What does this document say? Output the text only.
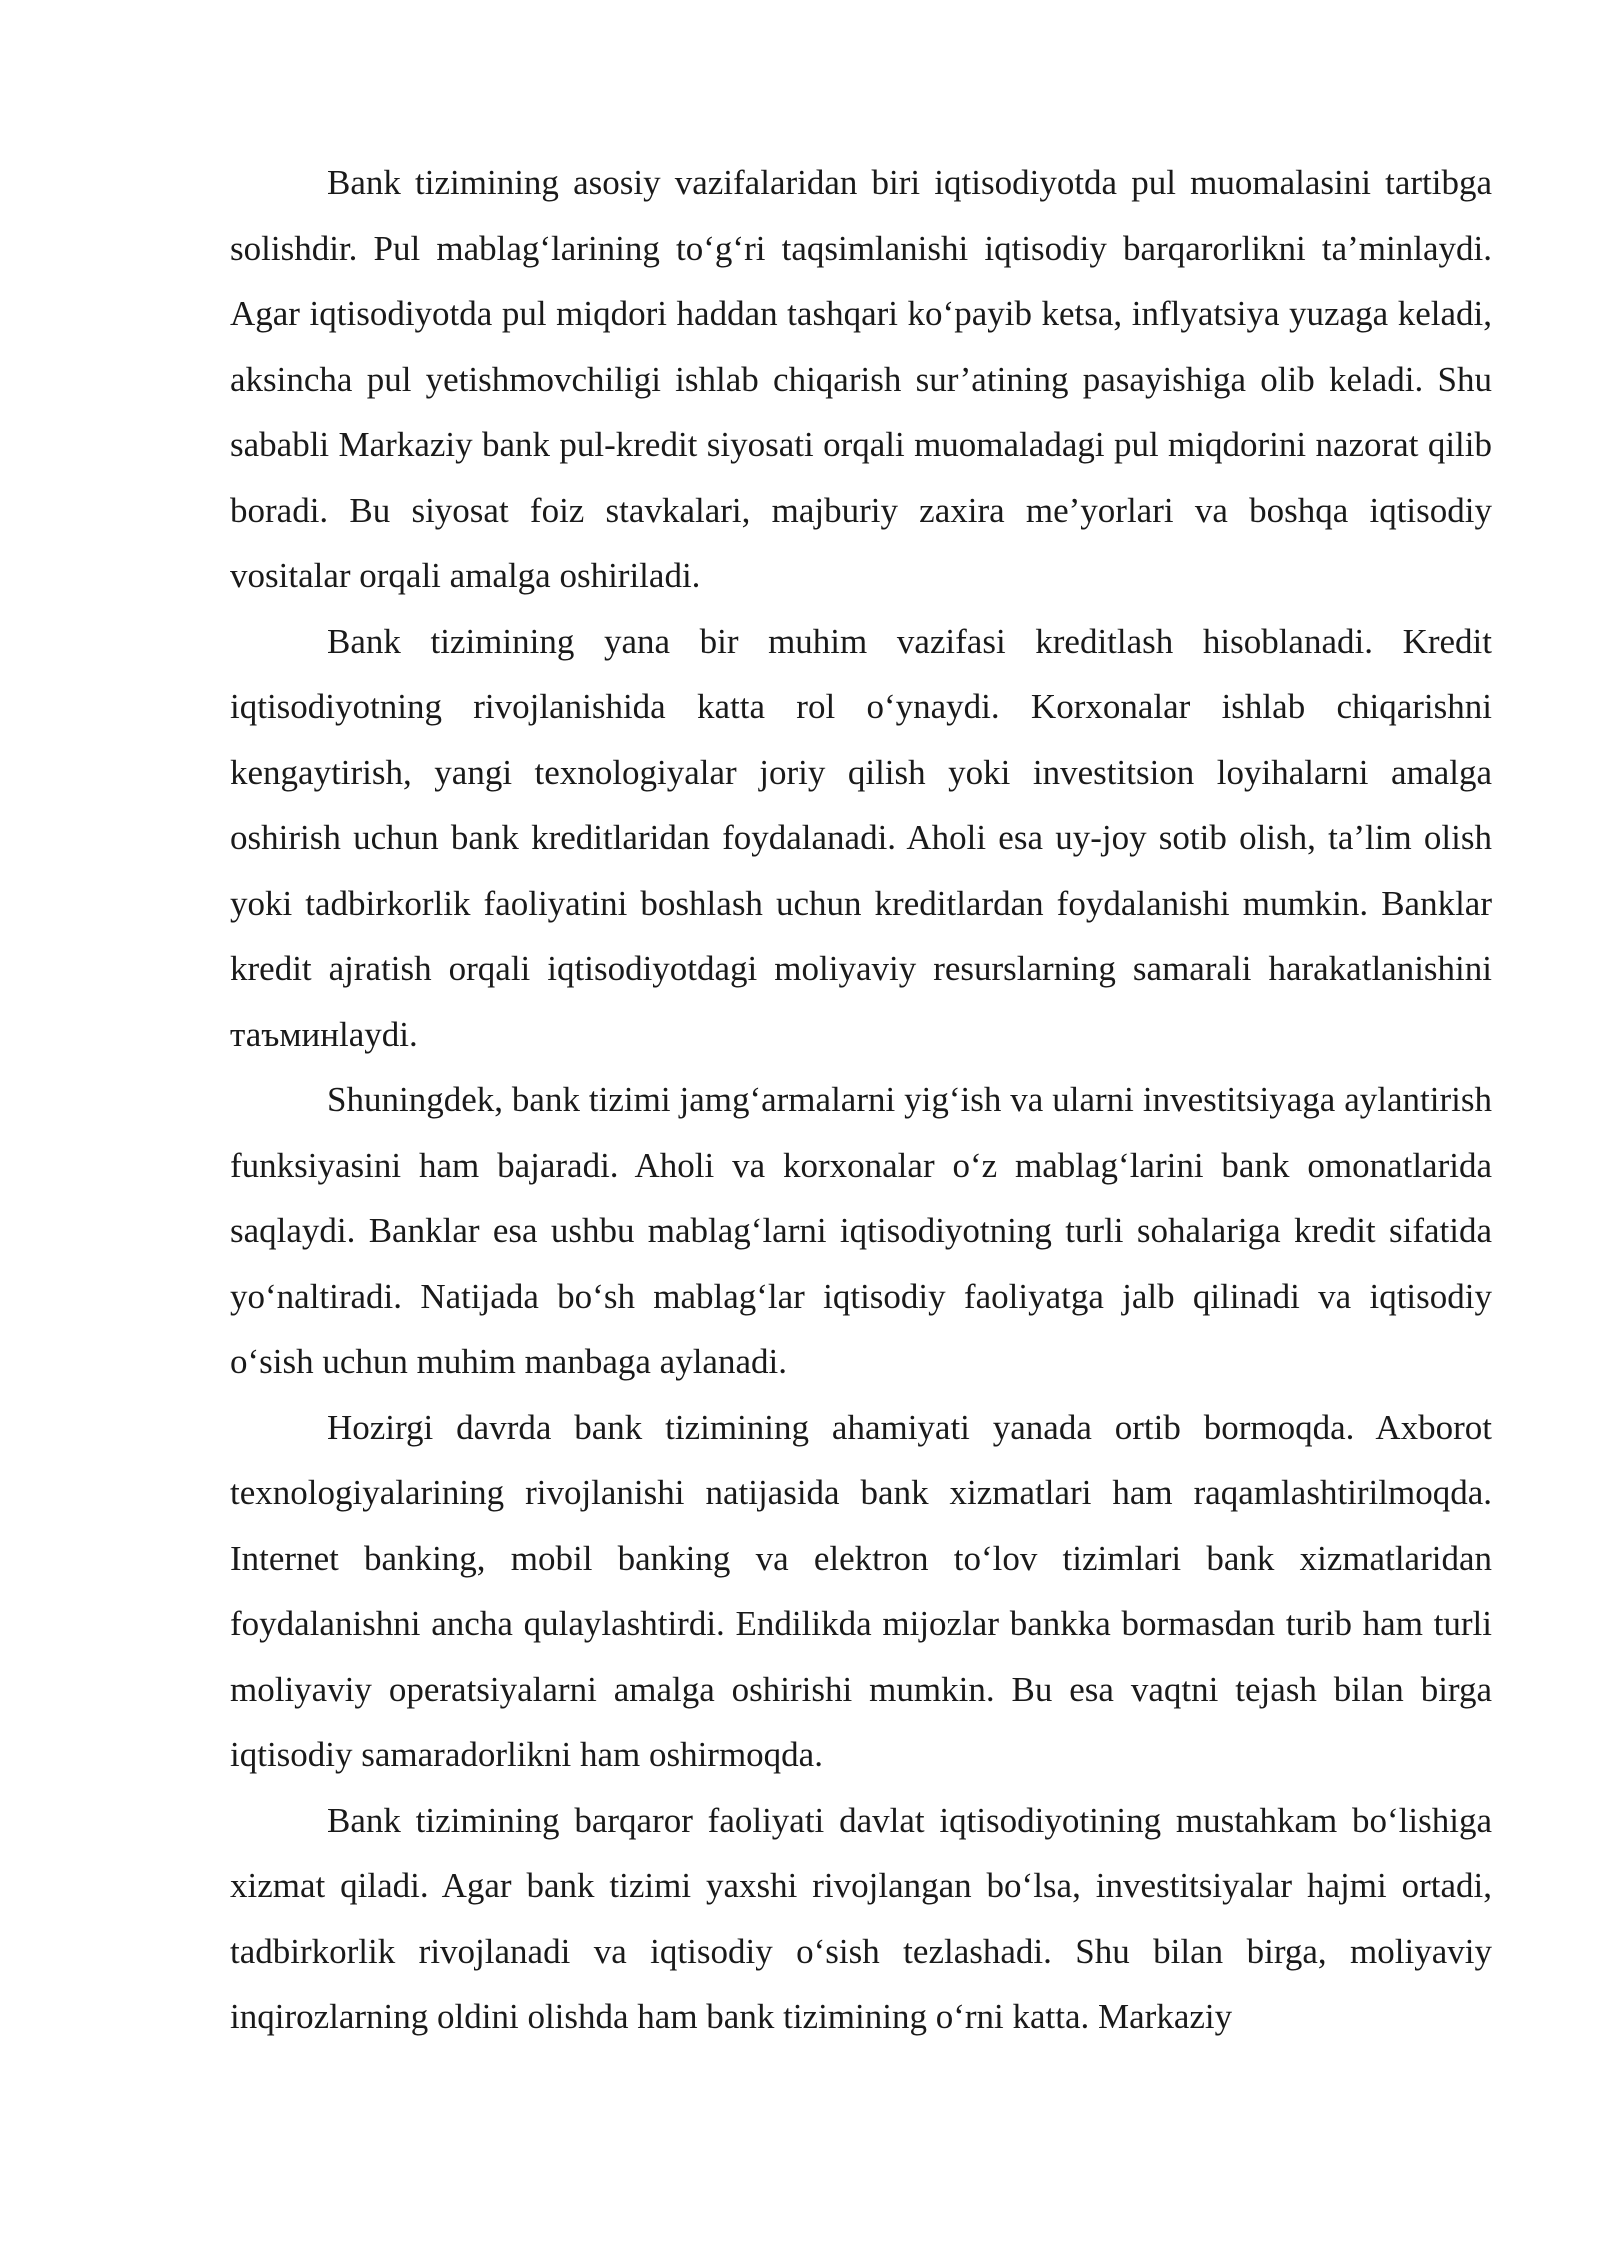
Bank tizimining asosiy vazifalaridan biri iqtisodiyotda pul muomalasini tartibga solishdir. Pul mablag‘larining to‘g‘ri taqsimlanishi iqtisodiy barqarorlikni ta’minlaydi. Agar iqtisodiyotda pul miqdori haddan tashqari ko‘payib ketsa, inflyatsiya yuzaga keladi, aksincha pul yetishmovchiligi ishlab chiqarish sur’atining pasayishiga olib keladi. Shu sababli Markaziy bank pul-kredit siyosati orqali muomaladagi pul miqdorini nazorat qilib boradi. Bu siyosat foiz stavkalari, majburiy zaxira me’yorlari va boshqa iqtisodiy vositalar orqali amalga oshiriladi.

Bank tizimining yana bir muhim vazifasi kreditlash hisoblanadi. Kredit iqtisodiyotning rivojlanishida katta rol o‘ynaydi. Korxonalar ishlab chiqarishni kengaytirish, yangi texnologiyalar joriy qilish yoki investitsion loyihalarni amalga oshirish uchun bank kreditlaridan foydalanadi. Aholi esa uy-joy sotib olish, ta’lim olish yoki tadbirkorlik faoliyatini boshlash uchun kreditlardan foydalanishi mumkin. Banklar kredit ajratish orqali iqtisodiyotdagi moliyaviy resurslarning samarali harakatlanishini таъминlaydi.

Shuningdek, bank tizimi jamg‘armalarni yig‘ish va ularni investitsiyaga aylantirish funksiyasini ham bajaradi. Aholi va korxonalar o‘z mablag‘larini bank omonatlarida saqlaydi. Banklar esa ushbu mablag‘larni iqtisodiyotning turli sohalariga kredit sifatida yo‘naltiradi. Natijada bo‘sh mablag‘lar iqtisodiy faoliyatga jalb qilinadi va iqtisodiy o‘sish uchun muhim manbaga aylanadi.

Hozirgi davrda bank tizimining ahamiyati yanada ortib bormoqda. Axborot texnologiyalarining rivojlanishi natijasida bank xizmatlari ham raqamlashtirilmoqda. Internet banking, mobil banking va elektron to‘lov tizimlari bank xizmatlaridan foydalanishni ancha qulaylashtirdi. Endilikda mijozlar bankka bormasdan turib ham turli moliyaviy operatsiyalarni amalga oshirishi mumkin. Bu esa vaqtni tejash bilan birga iqtisodiy samaradorlikni ham oshirmoqda.

Bank tizimining barqaror faoliyati davlat iqtisodiyotining mustahkam bo‘lishiga xizmat qiladi. Agar bank tizimi yaxshi rivojlangan bo‘lsa, investitsiyalar hajmi ortadi, tadbirkorlik rivojlanadi va iqtisodiy o‘sish tezlashadi. Shu bilan birga, moliyaviy inqirozlarning oldini olishda ham bank tizimining o‘rni katta. Markaziy
